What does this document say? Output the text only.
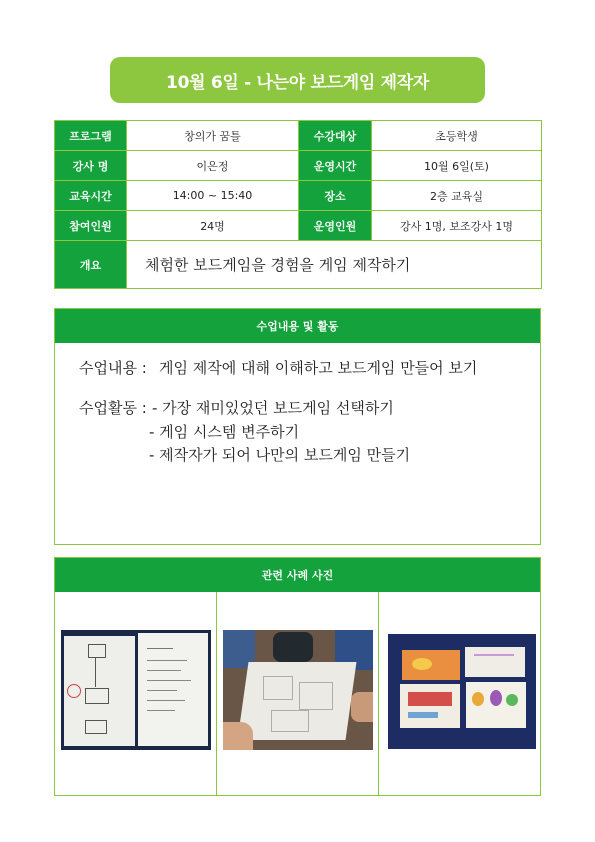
10월 6일 - 나는야 보드게임 제작자
프로그램	창의가 꿈틀	수강대상	초등학생
강사 명	이은정	운영시간	10월 6일(토)
교육시간	14:00 ~ 15:40	장소	2층 교육실
참여인원	24명	운영인원	강사 1명, 보조강사 1명
개요	체험한 보드게임을 경험을 게임 제작하기		
수업내용 및 활동
수업내용 : 게임 제작에 대해 이해하고 보드게임 만들어 보기
수업활동 : - 가장 재미있었던 보드게임 선택하기
- 게임 시스템 변주하기
- 제작자가 되어 나만의 보드게임 만들기
관련 사례 사진
